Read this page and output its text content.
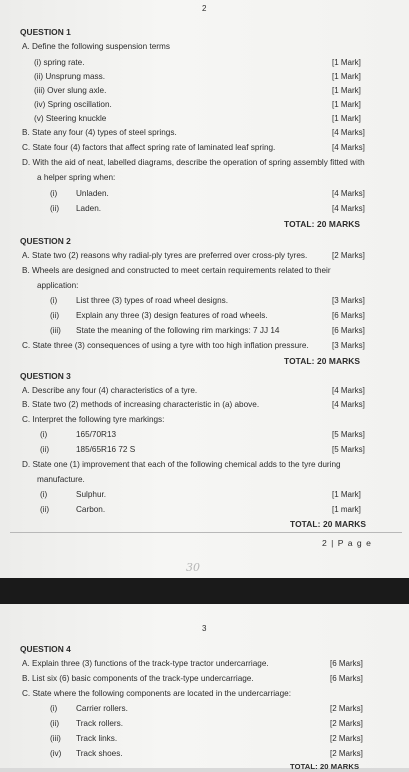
2
QUESTION 1
A. Define the following suspension terms
(i) spring rate.	[1 Mark]
(ii) Unsprung mass.	[1 Mark]
(iii) Over slung axle.	[1 Mark]
(iv) Spring oscillation.	[1 Mark]
(v) Steering knuckle	[1 Mark]
B. State any four (4) types of steel springs.	[4 Marks]
C. State four (4) factors that affect spring rate of laminated leaf spring.	[4 Marks]
D. With the aid of neat, labelled diagrams, describe the operation of spring assembly fitted with
a helper spring when:
(i) Unladen.	[4 Marks]
(ii) Laden.	[4 Marks]
TOTAL: 20 MARKS
QUESTION 2
A. State two (2) reasons why radial-ply tyres are preferred over cross-ply tyres.	[2 Marks]
B. Wheels are designed and constructed to meet certain requirements related to their
application:
(i) List three (3) types of road wheel designs.	[3 Marks]
(ii) Explain any three (3) design features of road wheels.	[6 Marks]
(iii) State the meaning of the following rim markings: 7 JJ 14	[6 Marks]
C. State three (3) consequences of using a tyre with too high inflation pressure.	[3 Marks]
TOTAL: 20 MARKS
QUESTION 3
A. Describe any four (4) characteristics of a tyre.	[4 Marks]
B. State two (2) methods of increasing characteristic in (a) above.	[4 Marks]
C. Interpret the following tyre markings:
(i)	165/70R13	[5 Marks]
(ii)	185/65R16 72 S	[5 Marks]
D. State one (1) improvement that each of the following chemical adds to the tyre during
manufacture.
(i)	Sulphur.	[1 Mark]
(ii)	Carbon.	[1 mark]
TOTAL: 20 MARKS
2 | P a g e
30
3
QUESTION 4
A. Explain three (3) functions of the track-type tractor undercarriage.	[6 Marks]
B. List six (6) basic components of the track-type undercarriage.	[6 Marks]
C. State where the following components are located in the undercarriage:
(i) Carrier rollers.	[2 Marks]
(ii) Track rollers.	[2 Marks]
(iii) Track links.	[2 Marks]
(iv) Track shoes.	[2 Marks]
TOTAL: 20 MARKS
